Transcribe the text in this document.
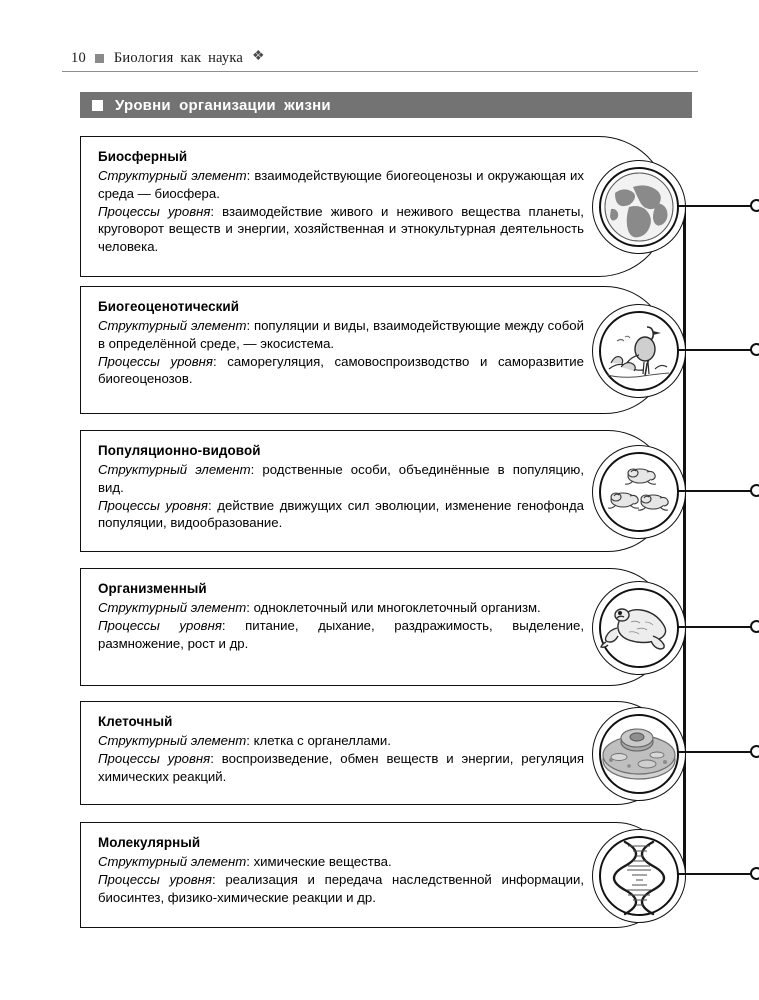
10 Биология как наука ❖
Уровни организации жизни
Биосферный

Структурный элемент: взаимодействующие биогеоценозы и окружающая их среда — биосфера.

Процессы уровня: взаимодействие живого и неживого вещества планеты, круговорот веществ и энергии, хозяйственная и этнокультурная деятельность человека.

Биогеоценотический

Структурный элемент: популяции и виды, взаимодействующие между собой в определённой среде, — экосистема.

Процессы уровня: саморегуляция, самовоспроизводство и саморазвитие биогеоценозов.

Популяционно-видовой

Структурный элемент: родственные особи, объединённые в популяцию, вид.

Процессы уровня: действие движущих сил эволюции, изменение генофонда популяции, видообразование.

Организменный

Структурный элемент: одноклеточный или многоклеточный организм.

Процессы уровня: питание, дыхание, раздражимость, выделение, размножение, рост и др.

Клеточный

Структурный элемент: клетка с органеллами.

Процессы уровня: воспроизведение, обмен веществ и энергии, регуляция химических реакций.

Молекулярный

Структурный элемент: химические вещества.

Процессы уровня: реализация и передача наследственной информации, биосинтез, физико-химические реакции и др.
